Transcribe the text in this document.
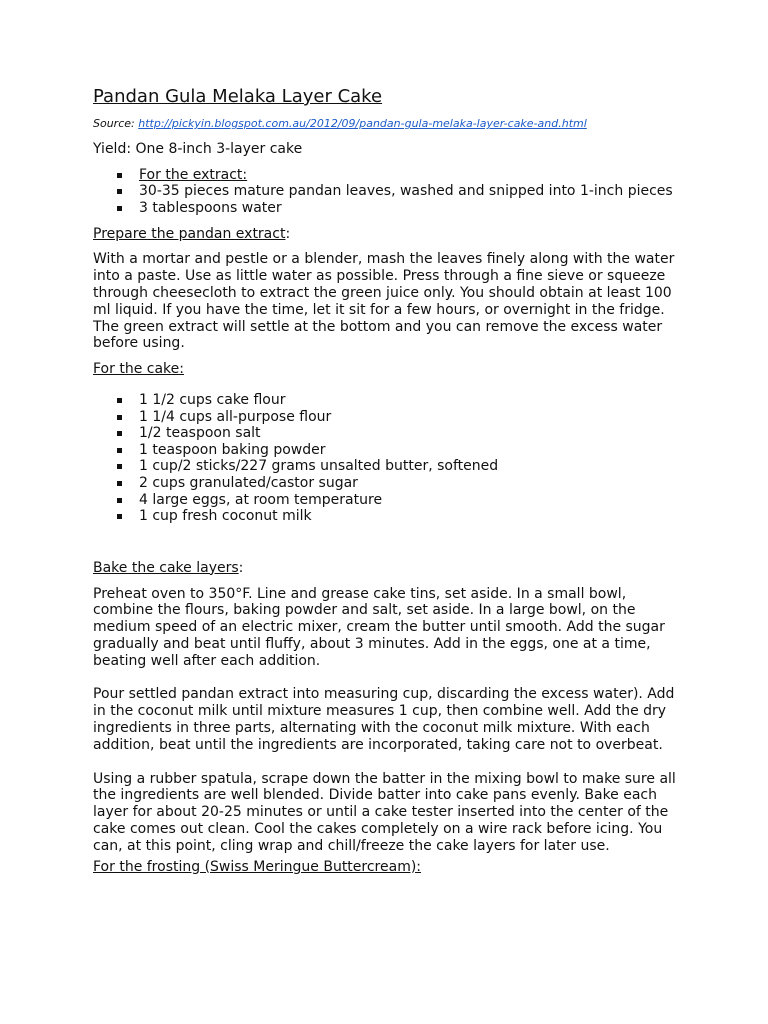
Pandan Gula Melaka Layer Cake
Source: http://pickyin.blogspot.com.au/2012/09/pandan-gula-melaka-layer-cake-and.html

Yield: One 8-inch 3-layer cake

For the extract:
30-35 pieces mature pandan leaves, washed and snipped into 1-inch pieces
3 tablespoons water
Prepare the pandan extract:

With a mortar and pestle or a blender, mash the leaves finely along with the water into a paste. Use as little water as possible. Press through a fine sieve or squeeze through cheesecloth to extract the green juice only. You should obtain at least 100 ml liquid. If you have the time, let it sit for a few hours, or overnight in the fridge. The green extract will settle at the bottom and you can remove the excess water before using.

For the cake:
1 1/2 cups cake flour
1 1/4 cups all-purpose flour
1/2 teaspoon salt
1 teaspoon baking powder
1 cup/2 sticks/227 grams unsalted butter, softened
2 cups granulated/castor sugar
4 large eggs, at room temperature
1 cup fresh coconut milk
Bake the cake layers:

Preheat oven to 350°F. Line and grease cake tins, set aside. In a small bowl, combine the flours, baking powder and salt, set aside. In a large bowl, on the medium speed of an electric mixer, cream the butter until smooth. Add the sugar gradually and beat until fluffy, about 3 minutes. Add in the eggs, one at a time, beating well after each addition.

Pour settled pandan extract into measuring cup, discarding the excess water). Add in the coconut milk until mixture measures 1 cup, then combine well. Add the dry ingredients in three parts, alternating with the coconut milk mixture. With each addition, beat until the ingredients are incorporated, taking care not to overbeat.

Using a rubber spatula, scrape down the batter in the mixing bowl to make sure all the ingredients are well blended. Divide batter into cake pans evenly. Bake each layer for about 20-25 minutes or until a cake tester inserted into the center of the cake comes out clean. Cool the cakes completely on a wire rack before icing. You can, at this point, cling wrap and chill/freeze the cake layers for later use.

For the frosting (Swiss Meringue Buttercream):
